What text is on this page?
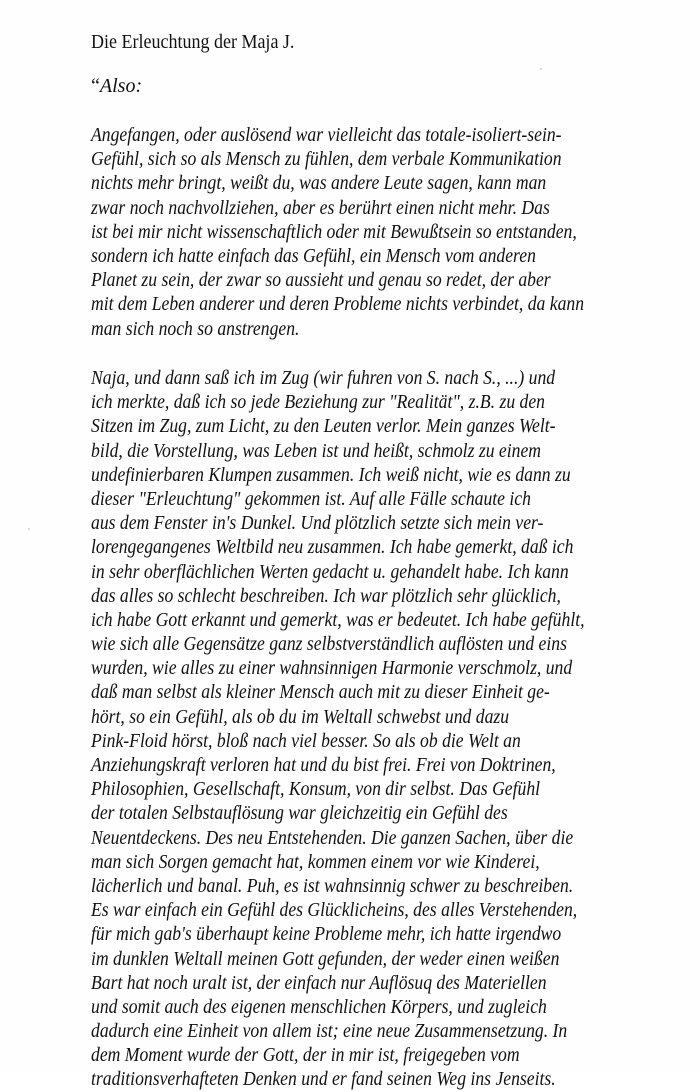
Die Erleuchtung der Maja J.
“Also:
Angefangen, oder auslösend war vielleicht das totale-isoliert-sein-
Gefühl, sich so als Mensch zu fühlen, dem verbale Kommunikation
nichts mehr bringt, weißt du, was andere Leute sagen, kann man
zwar noch nachvollziehen, aber es berührt einen nicht mehr. Das
ist bei mir nicht wissenschaftlich oder mit Bewußtsein so entstanden,
sondern ich hatte einfach das Gefühl, ein Mensch vom anderen
Planet zu sein, der zwar so aussieht und genau so redet, der aber
mit dem Leben anderer und deren Probleme nichts verbindet, da kann
man sich noch so anstrengen.
Naja, und dann saß ich im Zug (wir fuhren von S. nach S., ...) und
ich merkte, daß ich so jede Beziehung zur "Realität", z.B. zu den
Sitzen im Zug, zum Licht, zu den Leuten verlor. Mein ganzes Welt-
bild, die Vorstellung, was Leben ist und heißt, schmolz zu einem
undefinierbaren Klumpen zusammen. Ich weiß nicht, wie es dann zu
dieser "Erleuchtung" gekommen ist. Auf alle Fälle schaute ich
aus dem Fenster in's Dunkel. Und plötzlich setzte sich mein ver-
lorengegangenes Weltbild neu zusammen. Ich habe gemerkt, daß ich
in sehr oberflächlichen Werten gedacht u. gehandelt habe. Ich kann
das alles so schlecht beschreiben. Ich war plötzlich sehr glücklich,
ich habe Gott erkannt und gemerkt, was er bedeutet. Ich habe gefühlt,
wie sich alle Gegensätze ganz selbstverständlich auflösten und eins
wurden, wie alles zu einer wahnsinnigen Harmonie verschmolz, und
daß man selbst als kleiner Mensch auch mit zu dieser Einheit ge-
hört, so ein Gefühl, als ob du im Weltall schwebst und dazu
Pink-Floid hörst, bloß nach viel besser. So als ob die Welt an
Anziehungskraft verloren hat und du bist frei. Frei von Doktrinen,
Philosophien, Gesellschaft, Konsum, von dir selbst. Das Gefühl
der totalen Selbstauflösung war gleichzeitig ein Gefühl des
Neuentdeckens. Des neu Entstehenden. Die ganzen Sachen, über die
man sich Sorgen gemacht hat, kommen einem vor wie Kinderei,
lächerlich und banal. Puh, es ist wahnsinnig schwer zu beschreiben.
Es war einfach ein Gefühl des Glücklicheins, des alles Verstehenden,
für mich gab's überhaupt keine Probleme mehr, ich hatte irgendwo
im dunklen Weltall meinen Gott gefunden, der weder einen weißen
Bart hat noch uralt ist, der einfach nur Auflösuq des Materiellen
und somit auch des eigenen menschlichen Körpers, und zugleich
dadurch eine Einheit von allem ist; eine neue Zusammensetzung. In
dem Moment wurde der Gott, der in mir ist, freigegeben vom
traditionsverhafteten Denken und er fand seinen Weg ins Jenseits.
